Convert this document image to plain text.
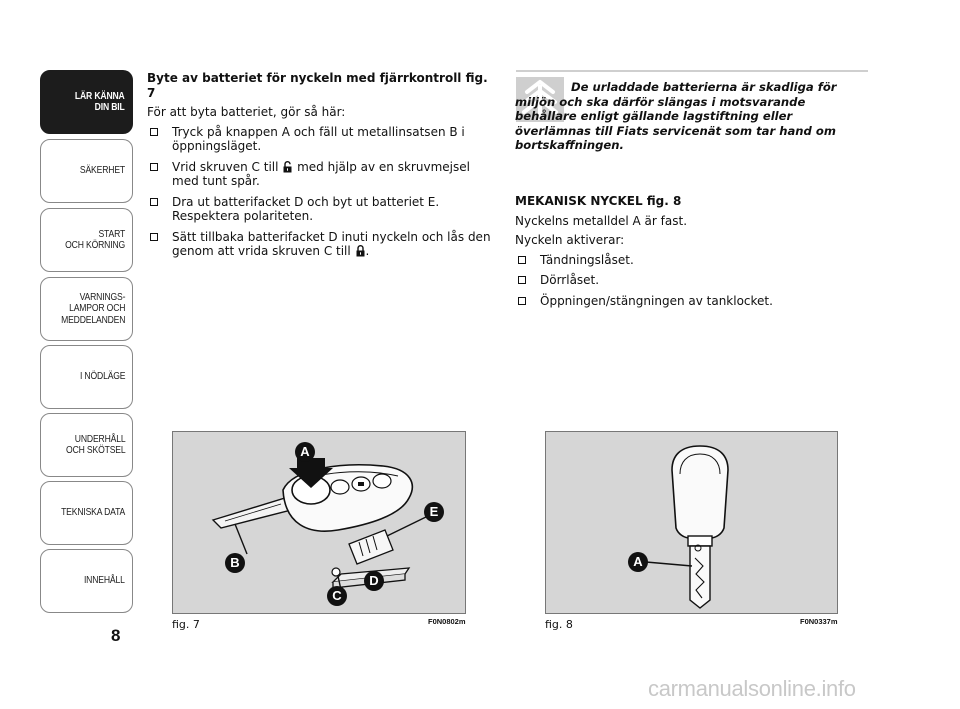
LÄR KÄNNA
DIN BIL
SÄKERHET
START
OCH KÖRNING
VARNINGS-
LAMPOR OCH
MEDDELANDEN
I NÖDLÄGE
UNDERHÅLL
OCH SKÖTSEL
TEKNISKA DATA
INNEHÅLL
8
Byte av batteriet för nyckeln med fjärrkontroll fig. 7

För att byta batteriet, gör så här:

Tryck på knappen A och fäll ut metallinsatsen B i öppningsläget.
Vrid skruven C till  med hjälp av en skruvmejsel med tunt spår.
Dra ut batterifacket D och byt ut batteriet E. Respektera polariteten.
Sätt tillbaka batterifacket D inuti nyckeln och lås den genom att vrida skruven C till .
De urladdade batterierna är skadliga för miljön och ska därför slängas i motsvarande behållare enligt gällande lagstiftning eller överlämnas till Fiats servicenät som tar hand om bortskaffningen.
MEKANISK NYCKEL fig. 8

Nyckelns metalldel A är fast.

Nyckeln aktiverar:

Tändningslåset.
Dörrlåset.
Öppningen/stängningen av tanklocket.
A
B
C
D
E
fig. 7	F0N0802m
A
fig. 8	F0N0337m
carmanualsonline.info
